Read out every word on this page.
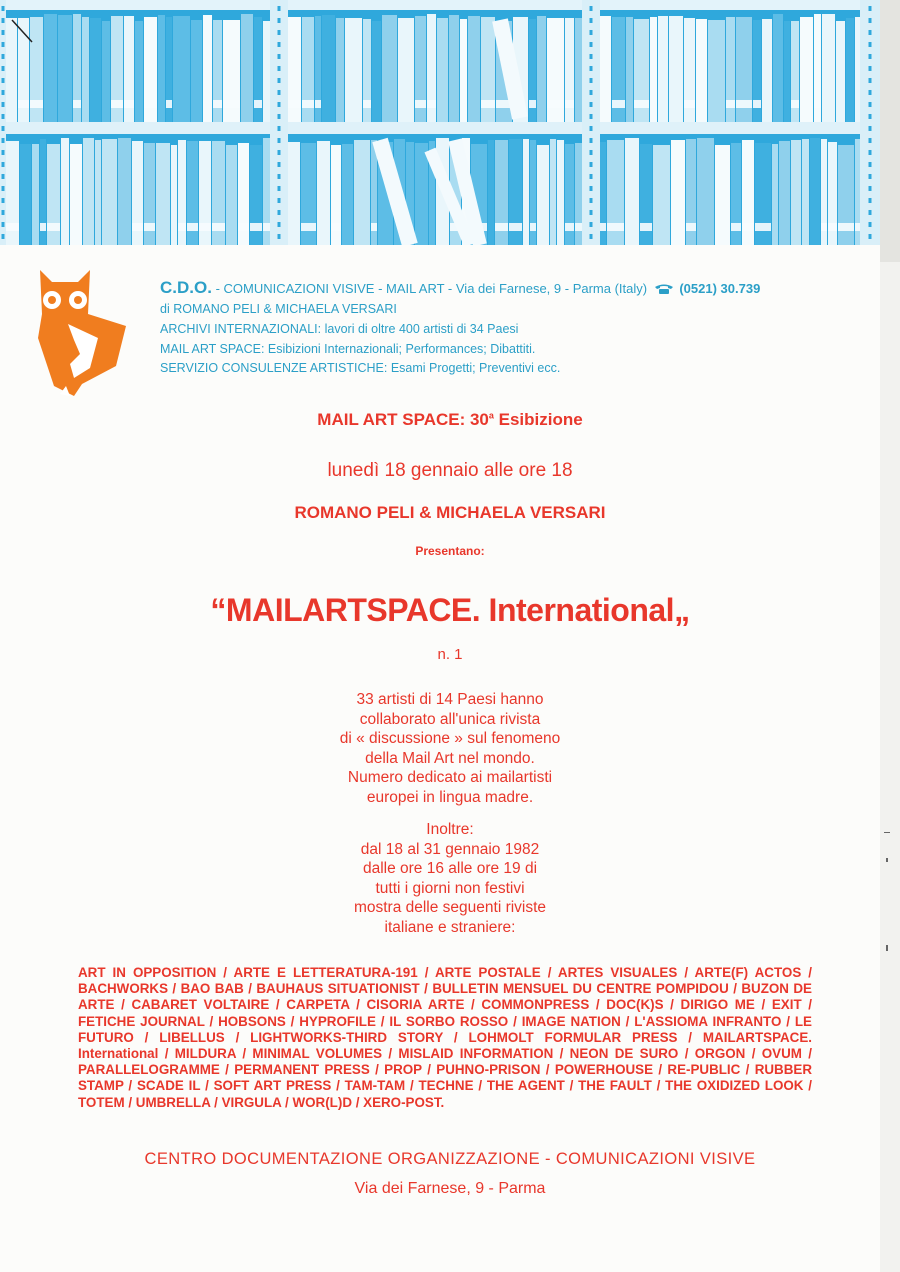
C.D.O. - COMUNICAZIONI VISIVE - MAIL ART - Via dei Farnese, 9 - Parma (Italy) (0521) 30.739
di ROMANO PELI & MICHAELA VERSARI
ARCHIVI INTERNAZIONALI: lavori di oltre 400 artisti di 34 Paesi
MAIL ART SPACE: Esibizioni Internazionali; Performances; Dibattiti.
SERVIZIO CONSULENZE ARTISTICHE: Esami Progetti; Preventivi ecc.
MAIL ART SPACE: 30$^a$ Esibizione
lunedì 18 gennaio alle ore 18
ROMANO PELI & MICHAELA VERSARI
Presentano:
“MAILARTSPACE. International„
n. 1
33 artisti di 14 Paesi hanno
collaborato all'unica rivista
di « discussione » sul fenomeno
della Mail Art nel mondo.
Numero dedicato ai mailartisti
europei in lingua madre.
Inoltre:
dal 18 al 31 gennaio 1982
dalle ore 16 alle ore 19 di
tutti i giorni non festivi
mostra delle seguenti riviste
italiane e straniere:
ART IN OPPOSITION / ARTE E LETTERATURA-191 / ARTE POSTALE / ARTES VISUALES / ARTE(F) ACTOS / BACHWORKS / BAO BAB / BAUHAUS SITUATIONIST / BULLETIN MENSUEL DU CENTRE POMPIDOU / BUZON DE ARTE / CABARET VOLTAIRE / CARPETA / CISORIA ARTE / COMMONPRESS / DOC(K)S / DIRIGO ME / EXIT / FETICHE JOURNAL / HOBSONS / HYPROFILE / IL SORBO ROSSO / IMAGE NATION / L'ASSIOMA INFRANTO / LE FUTURO / LIBELLUS / LIGHTWORKS-THIRD STORY / LOHMOLT FORMULAR PRESS / MAILARTSPACE. International / MILDURA / MINIMAL VOLUMES / MISLAID INFORMATION / NEON DE SURO / ORGON / OVUM / PARALLELOGRAMME / PERMANENT PRESS / PROP / PUHNO-PRISON / POWERHOUSE / RE-PUBLIC / RUBBER STAMP / SCADE IL / SOFT ART PRESS / TAM-TAM / TECHNE / THE AGENT / THE FAULT / THE OXIDIZED LOOK / TOTEM / UMBRELLA / VIRGULA / WOR(L)D / XERO-POST.
CENTRO DOCUMENTAZIONE ORGANIZZAZIONE - COMUNICAZIONI VISIVE
Via dei Farnese, 9 - Parma
